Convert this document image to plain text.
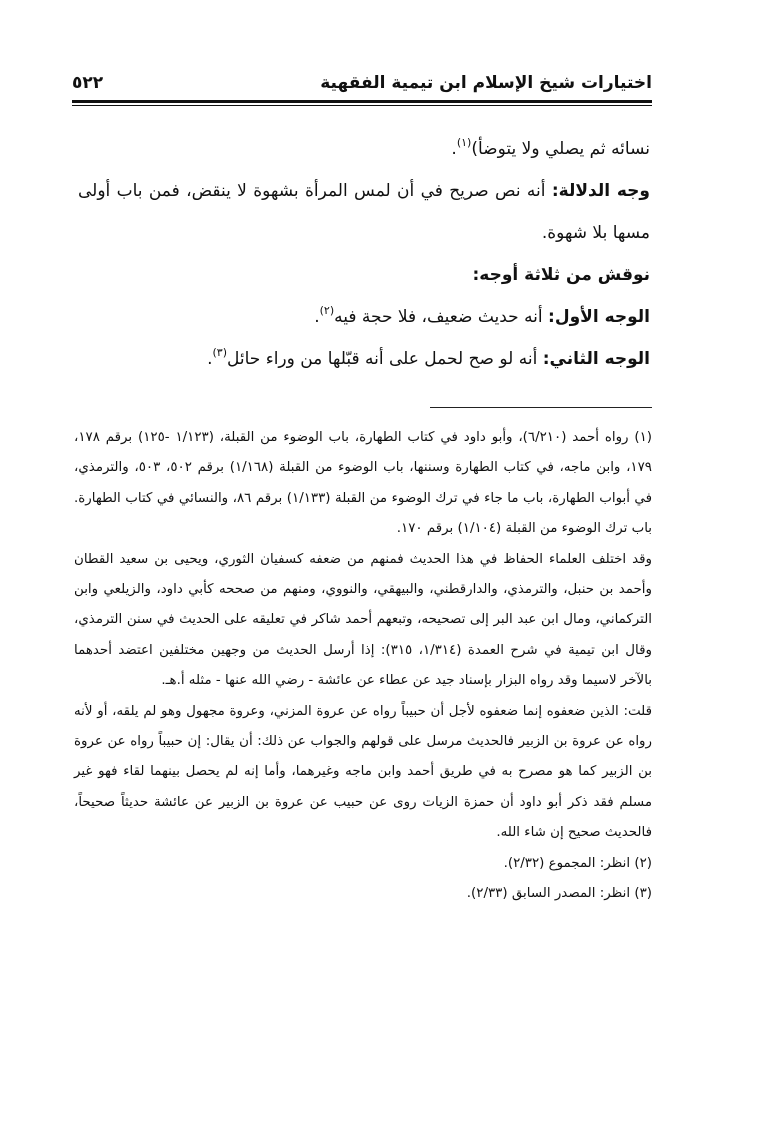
اختيارات شيخ الإسلام ابن تيمية الفقهية
٥٢٢

نسائه ثم يصلي ولا يتوضأ)$^{(١)}$.

وجه الدلالة: أنه نص صريح في أن لمس المرأة بشهوة لا ينقض، فمن باب أولى مسها بلا شهوة.

نوقش من ثلاثة أوجه:

الوجه الأول: أنه حديث ضعيف، فلا حجة فيه$^{(٢)}$.

الوجه الثاني: أنه لو صح لحمل على أنه قبّلها من وراء حائل$^{(٣)}$.

(١) رواه أحمد (٦/٢١٠)، وأبو داود في كتاب الطهارة، باب الوضوء من القبلة، (١/١٢٣ -١٢٥) برقم ١٧٨، ١٧٩، وابن ماجه، في كتاب الطهارة وسننها، باب الوضوء من القبلة (١/١٦٨) برقم ٥٠٢، ٥٠٣، والترمذي، في أبواب الطهارة، باب ما جاء في ترك الوضوء من القبلة (١/١٣٣) برقم ٨٦، والنسائي في كتاب الطهارة. باب ترك الوضوء من القبلة (١/١٠٤) برقم ١٧٠.

وقد اختلف العلماء الحفاظ في هذا الحديث فمنهم من ضعفه كسفيان الثوري، ويحيى بن سعيد القطان وأحمد بن حنبل، والترمذي، والدارقطني، والبيهقي، والنووي، ومنهم من صححه كأبي داود، والزيلعي وابن التركماني، ومال ابن عبد البر إلى تصحيحه، وتبعهم أحمد شاكر في تعليقه على الحديث في سنن الترمذي، وقال ابن تيمية في شرح العمدة (١/٣١٤، ٣١٥): إذا أرسل الحديث من وجهين مختلفين اعتضد أحدهما بالآخر لاسيما وقد رواه البزار بإسناد جيد عن عطاء عن عائشة - رضي الله عنها - مثله أ.هـ.

قلت: الذين ضعفوه إنما ضعفوه لأجل أن حبيباً رواه عن عروة المزني، وعروة مجهول وهو لم يلقه، أو لأنه رواه عن عروة بن الزبير فالحديث مرسل على قولهم والجواب عن ذلك: أن يقال: إن حبيباً رواه عن عروة بن الزبير كما هو مصرح به في طريق أحمد وابن ماجه وغيرهما، وأما إنه لم يحصل بينهما لقاء فهو غير مسلم فقد ذكر أبو داود أن حمزة الزيات روى عن حبيب عن عروة بن الزبير عن عائشة حديثاً صحيحاً، فالحديث صحيح إن شاء الله.

(٢) انظر: المجموع (٢/٣٢).

(٣) انظر: المصدر السابق (٢/٣٣).
